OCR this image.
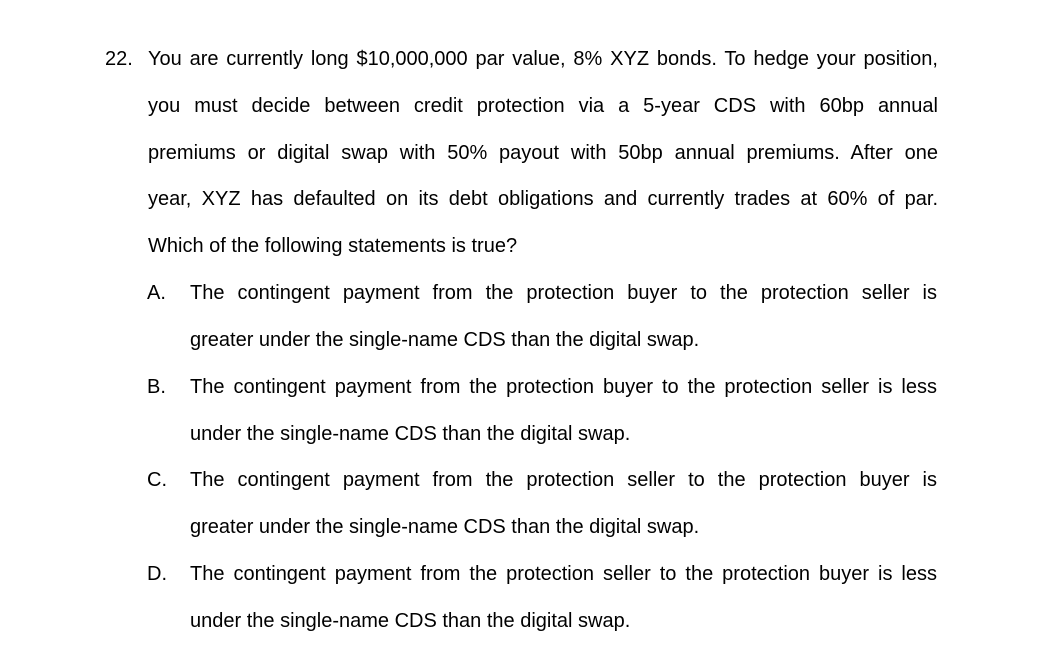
22. You are currently long $10,000,000 par value, 8% XYZ bonds. To hedge your position,
you must decide between credit protection via a 5-year CDS with 60bp annual
premiums or digital swap with 50% payout with 50bp annual premiums. After one
year, XYZ has defaulted on its debt obligations and currently trades at 60% of par.
Which of the following statements is true?
A. The contingent payment from the protection buyer to the protection seller is
greater under the single-name CDS than the digital swap.
B. The contingent payment from the protection buyer to the protection seller is less
under the single-name CDS than the digital swap.
C. The contingent payment from the protection seller to the protection buyer is
greater under the single-name CDS than the digital swap.
D. The contingent payment from the protection seller to the protection buyer is less
under the single-name CDS than the digital swap.
